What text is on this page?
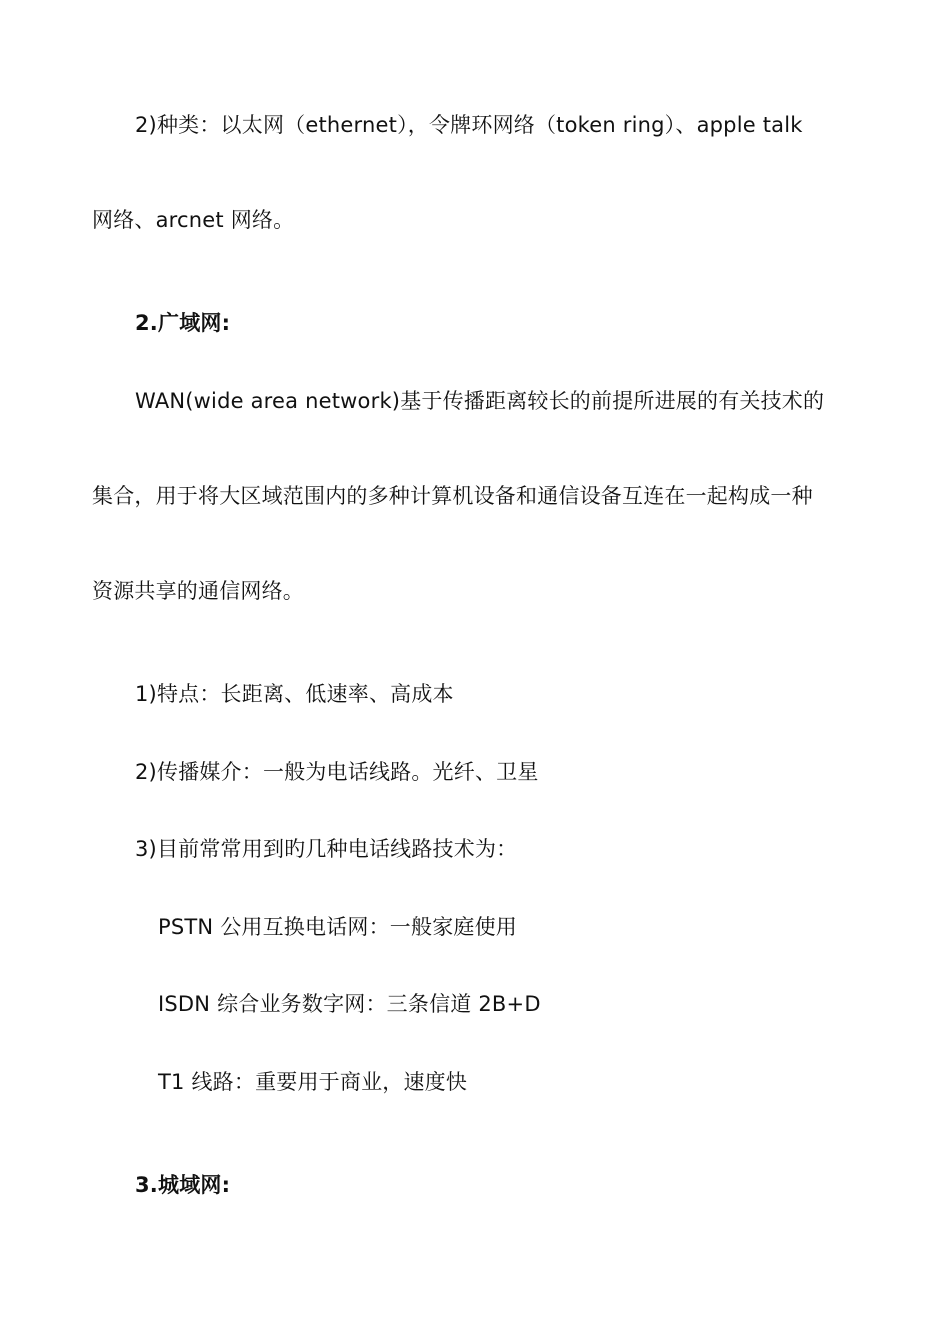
2)种类：以太网（ethernet），令牌环网络（token ring）、apple talk
网络、arcnet 网络。
2.广域网:
WAN(wide area network)基于传播距离较长的前提所进展的有关技术的
集合，用于将大区域范围内的多种计算机设备和通信设备互连在一起构成一种
资源共享的通信网络。
1)特点：长距离、低速率、高成本
2)传播媒介：一般为电话线路。光纤、卫星
3)目前常常用到旳几种电话线路技术为：
PSTN 公用互换电话网：一般家庭使用
ISDN 综合业务数字网：三条信道 2B+D
T1 线路：重要用于商业，速度快
3.城域网:
